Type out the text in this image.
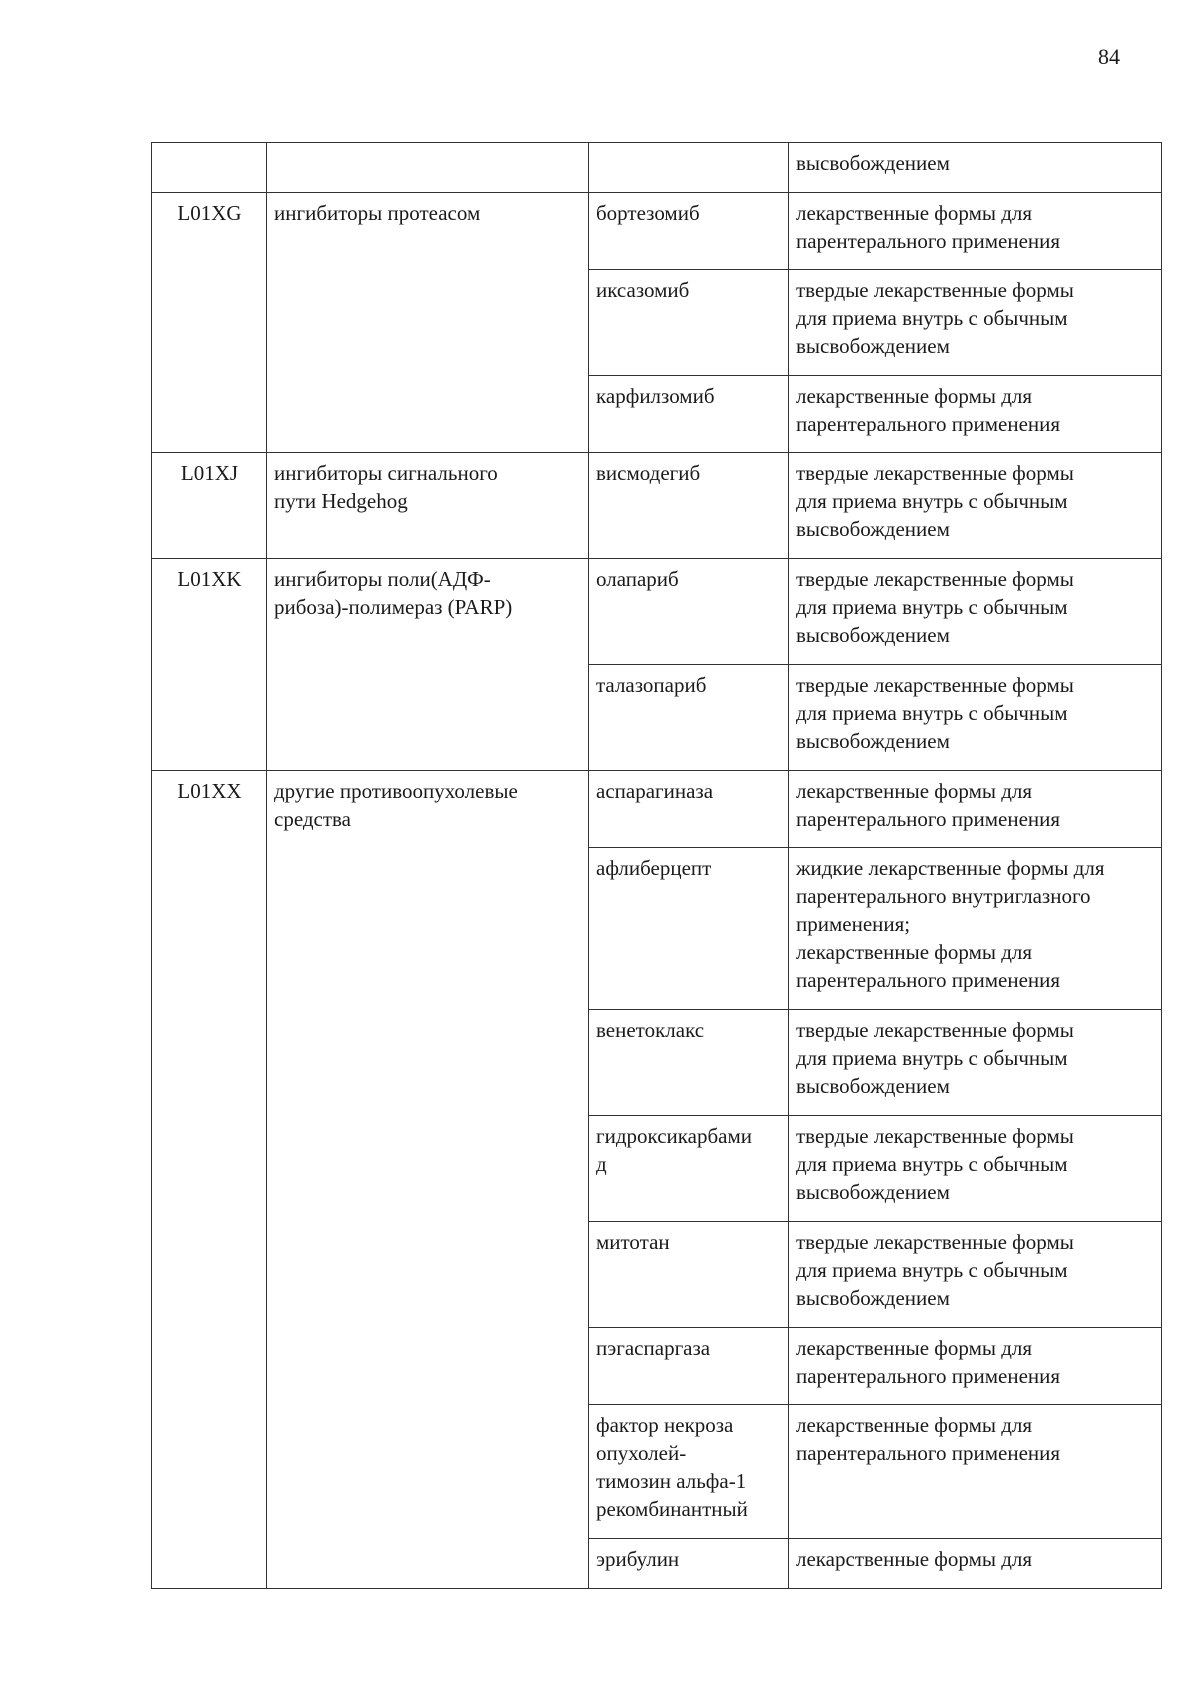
84

			высвобождением

L01XG	ингибиторы протеасом	бортезомиб	лекарственные формы для
парентерального применения

		иксазомиб	твердые лекарственные формы
для приема внутрь с обычным
высвобождением

		карфилзомиб	лекарственные формы для
парентерального применения

L01XJ	ингибиторы сигнального
пути Hedgehog	висмодегиб	твердые лекарственные формы
для приема внутрь с обычным
высвобождением

L01XK	ингибиторы поли(АДФ-
рибоза)-полимераз (PARP)	олапариб	твердые лекарственные формы
для приема внутрь с обычным
высвобождением

		талазопариб	твердые лекарственные формы
для приема внутрь с обычным
высвобождением

L01XX	другие противоопухолевые
средства	аспарагиназа	лекарственные формы для
парентерального применения

		афлиберцепт	жидкие лекарственные формы для
парентерального внутриглазного
применения;
лекарственные формы для
парентерального применения

		венетоклакс	твердые лекарственные формы
для приема внутрь с обычным
высвобождением

		гидроксикарбами
д	твердые лекарственные формы
для приема внутрь с обычным
высвобождением

		митотан	твердые лекарственные формы
для приема внутрь с обычным
высвобождением

		пэгаспаргаза	лекарственные формы для
парентерального применения

		фактор некроза
опухолей-
тимозин альфа-1
рекомбинантный	лекарственные формы для
парентерального применения

		эрибулин	лекарственные формы для
